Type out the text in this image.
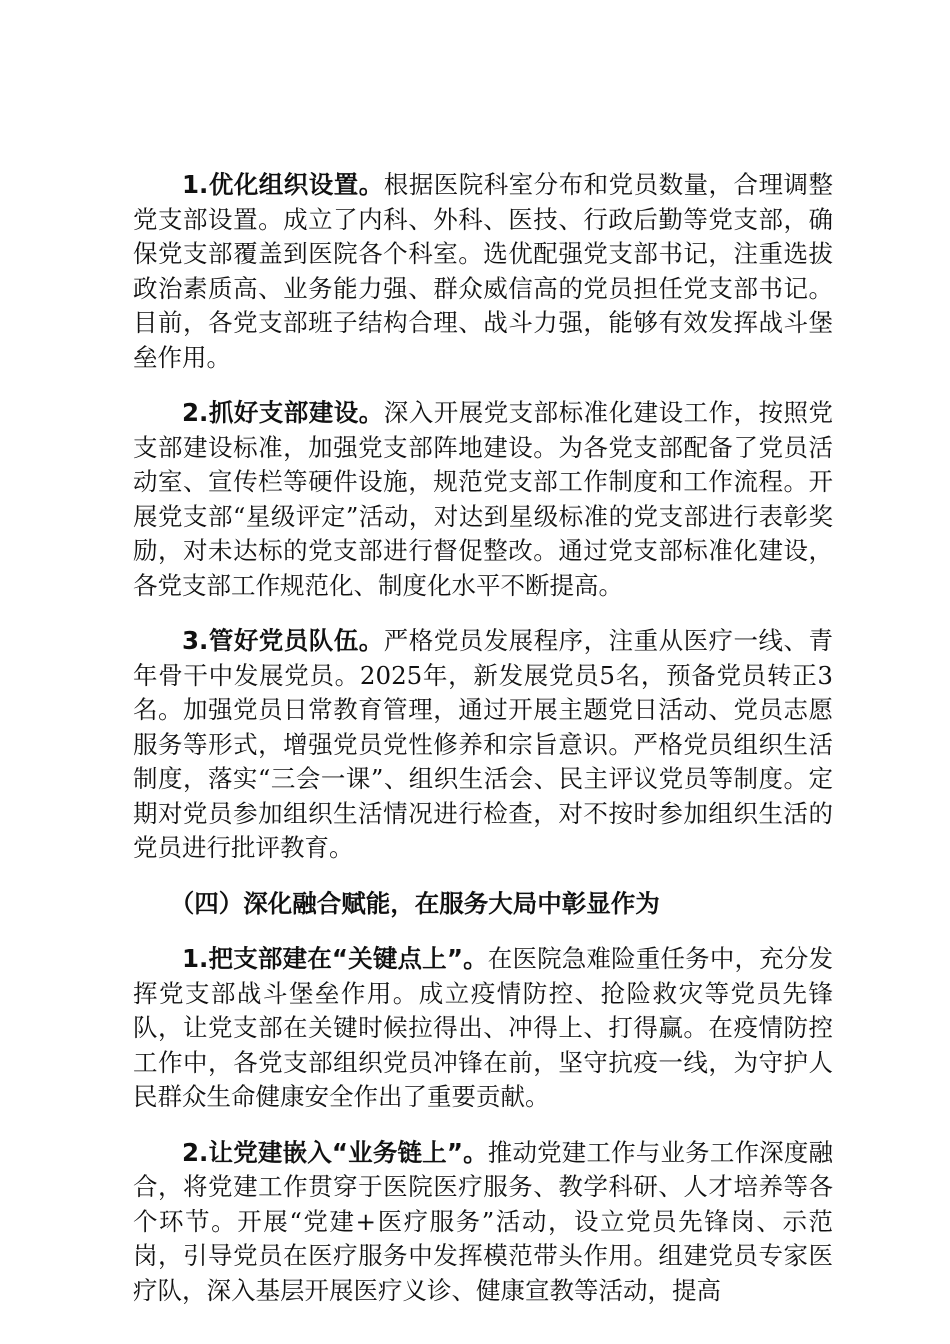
1.优化组织设置。根据医院科室分布和党员数量，合理调整党支部设置。成立了内科、外科、医技、行政后勤等党支部，确保党支部覆盖到医院各个科室。选优配强党支部书记，注重选拔政治素质高、业务能力强、群众威信高的党员担任党支部书记。目前，各党支部班子结构合理、战斗力强，能够有效发挥战斗堡垒作用。

2.抓好支部建设。深入开展党支部标准化建设工作，按照党支部建设标准，加强党支部阵地建设。为各党支部配备了党员活动室、宣传栏等硬件设施，规范党支部工作制度和工作流程。开展党支部“星级评定”活动，对达到星级标准的党支部进行表彰奖励，对未达标的党支部进行督促整改。通过党支部标准化建设，各党支部工作规范化、制度化水平不断提高。

3.管好党员队伍。严格党员发展程序，注重从医疗一线、青年骨干中发展党员。2025年，新发展党员5名，预备党员转正3名。加强党员日常教育管理，通过开展主题党日活动、党员志愿服务等形式，增强党员党性修养和宗旨意识。严格党员组织生活制度，落实“三会一课”、组织生活会、民主评议党员等制度。定期对党员参加组织生活情况进行检查，对不按时参加组织生活的党员进行批评教育。

（四）深化融合赋能，在服务大局中彰显作为

1.把支部建在“关键点上”。在医院急难险重任务中，充分发挥党支部战斗堡垒作用。成立疫情防控、抢险救灾等党员先锋队，让党支部在关键时候拉得出、冲得上、打得赢。在疫情防控工作中，各党支部组织党员冲锋在前，坚守抗疫一线，为守护人民群众生命健康安全作出了重要贡献。

2.让党建嵌入“业务链上”。推动党建工作与业务工作深度融合，将党建工作贯穿于医院医疗服务、教学科研、人才培养等各个环节。开展“党建+医疗服务”活动，设立党员先锋岗、示范岗，引导党员在医疗服务中发挥模范带头作用。组建党员专家医疗队，深入基层开展医疗义诊、健康宣教等活动，提高
